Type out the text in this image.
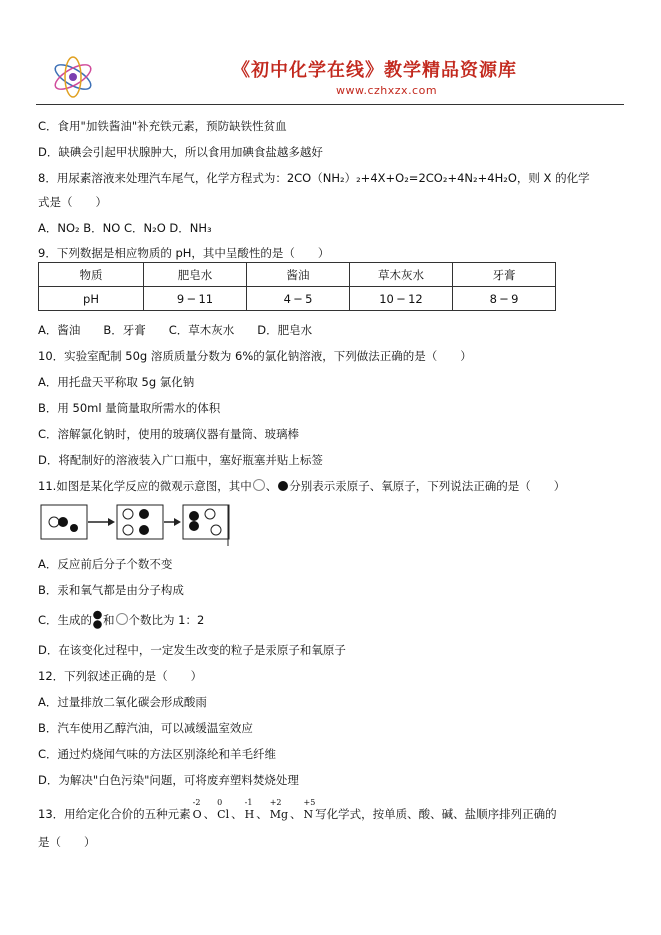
《初中化学在线》教学精品资源库
www.czhxzx.com
C．食用"加铁酱油"补充铁元素，预防缺铁性贫血
D．缺碘会引起甲状腺肿大，所以食用加碘食盐越多越好
8．用尿素溶液来处理汽车尾气，化学方程式为：2CO（NH₂）₂+4X+O₂=2CO₂+4N₂+4H₂O，则 X 的化学
式是（　　）
A．NO₂ B．NO C．N₂O D．NH₃
9．下列数据是相应物质的 pH，其中呈酸性的是（　　）
物质	肥皂水	酱油	草木灰水	牙膏
pH	9 ─ 11	4 ─ 5	10 ─ 12	8 ─ 9
A．酱油　　B．牙膏　　C．草木灰水　　D．肥皂水
10．实验室配制 50g 溶质质量分数为 6%的氯化钠溶液，下列做法正确的是（　　）
A．用托盘天平称取 5g 氯化钠
B．用 50ml 量筒量取所需水的体积
C．溶解氯化钠时，使用的玻璃仪器有量筒、玻璃棒
D．将配制好的溶液装入广口瓶中，塞好瓶塞并贴上标签
11.如图是某化学反应的微观示意图，其中 、 分别表示汞原子、氧原子，下列说法正确的是（　　）
A．反应前后分子个数不变
B．汞和氧气都是由分子构成
C．生成的 和 个数比为 1：2
D．在该变化过程中，一定发生改变的粒子是汞原子和氧原子
12．下列叙述正确的是（　　）
A．过量排放二氧化碳会形成酸雨
B．汽车使用乙醇汽油，可以减缓温室效应
C．通过灼烧闻气味的方法区别涤纶和羊毛纤维
D．为解决"白色污染"问题，可将废弃塑料焚烧处理
13．用给定化合价的五种元素
-2
O 、
0
Cl 、
-1
H 、
+2
Mg 、
+5
N 写化学式，按单质、酸、碱、盐顺序排列正确的
是（　　）
